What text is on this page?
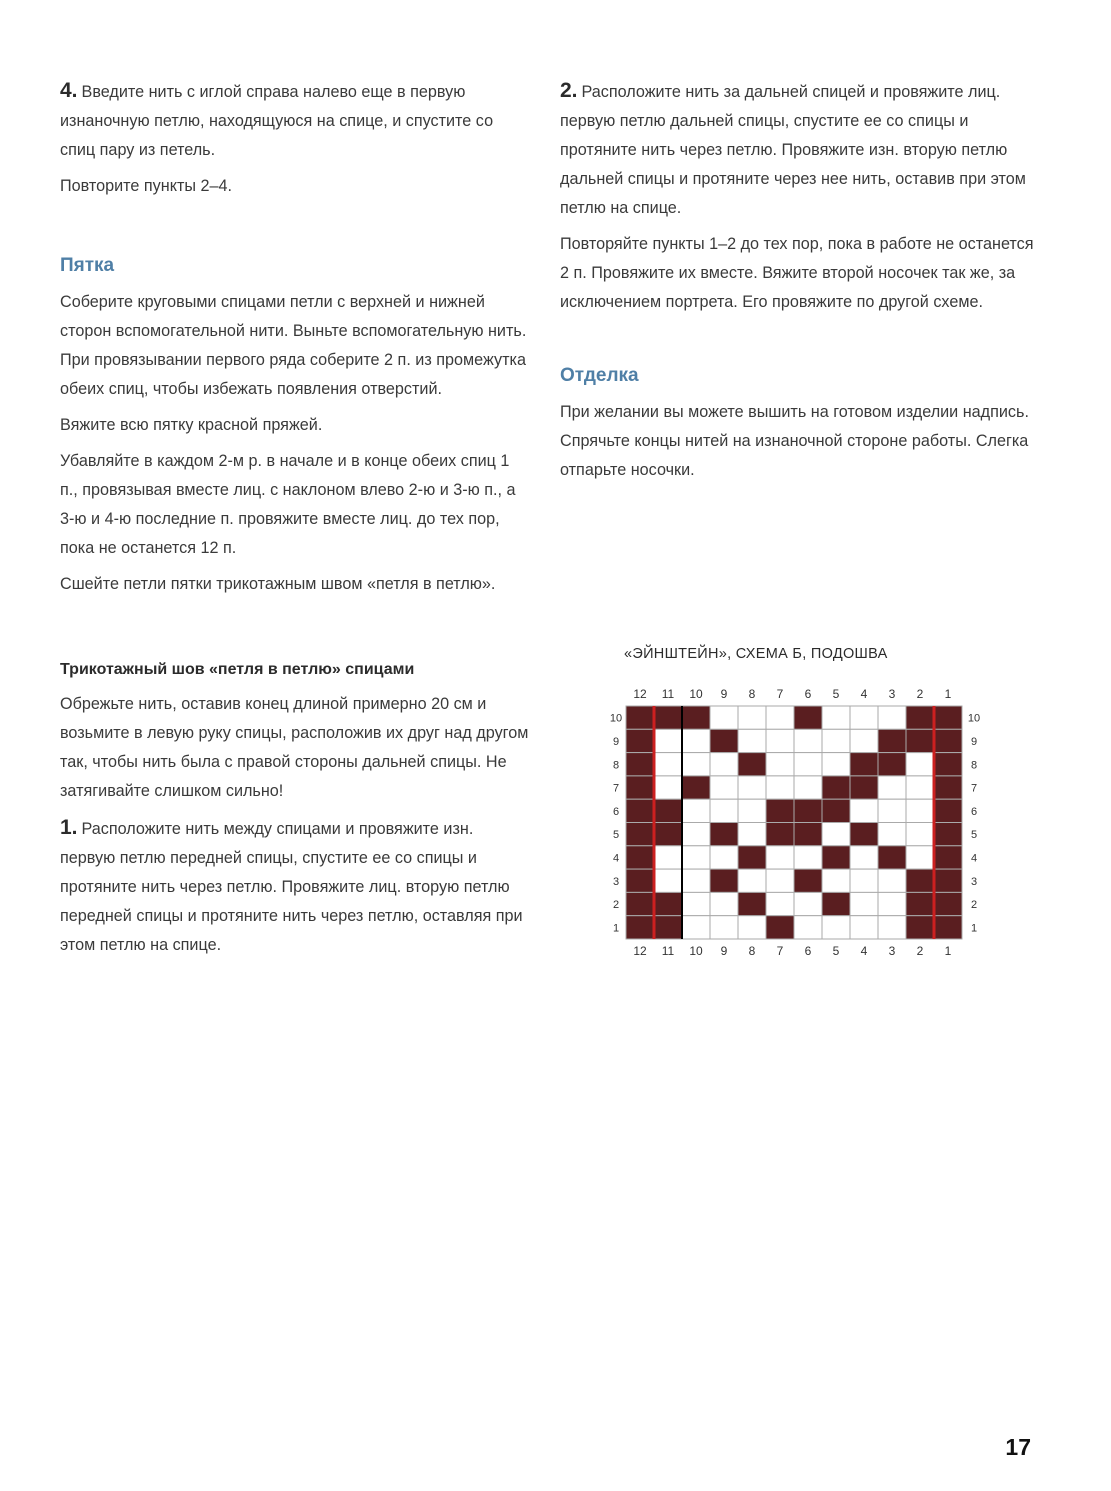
4. Введите нить с иглой справа налево еще в первую изнаночную петлю, находящуюся на спице, и спустите со спиц пару из петель.

Повторите пункты 2–4.

Пятка

Соберите круговыми спицами петли с верхней и нижней сторон вспомогательной нити. Выньте вспомогательную нить. При провязывании первого ряда соберите 2 п. из промежутка обеих спиц, чтобы избежать появления отверстий.

Вяжите всю пятку красной пряжей.

Убавляйте в каждом 2-м р. в начале и в конце обеих спиц 1 п., провязывая вместе лиц. с наклоном влево 2-ю и 3-ю п., а 3-ю и 4-ю последние п. провяжите вместе лиц. до тех пор, пока не останется 12 п.

Сшейте петли пятки трикотажным швом «петля в петлю».

Трикотажный шов «петля в петлю» спицами

Обрежьте нить, оставив конец длиной примерно 20 см и возьмите в левую руку спицы, расположив их друг над другом так, чтобы нить была с правой стороны дальней спицы. Не затягивайте слишком сильно!

1. Расположите нить между спицами и провяжите изн. первую петлю передней спицы, спустите ее со спицы и протяните нить через петлю. Провяжите лиц. вторую петлю передней спицы и протяните нить через петлю, оставляя при этом петлю на спице.

2. Расположите нить за дальней спицей и провяжите лиц. первую петлю дальней спицы, спустите ее со спицы и протяните нить через петлю. Провяжите изн. вторую петлю дальней спицы и протяните через нее нить, оставив при этом петлю на спице.

Повторяйте пункты 1–2 до тех пор, пока в работе не останется 2 п. Провяжите их вместе. Вяжите второй носочек так же, за исключением портрета. Его провяжите по другой схеме.

Отделка

При желании вы можете вышить на готовом изделии надпись. Спрячьте концы нитей на изнаночной стороне работы. Слегка отпарьте носочки.

«ЭЙНШТЕЙН», СХЕМА Б, ПОДОШВА
12
12
11
11
10
10
9
9
8
8
7
7
6
6
5
5
4
4
3
3
2
2
1
1
10	10
9	9
8	8
7	7
6	6
5	5
4	4
3	3
2	2
1	1
17
